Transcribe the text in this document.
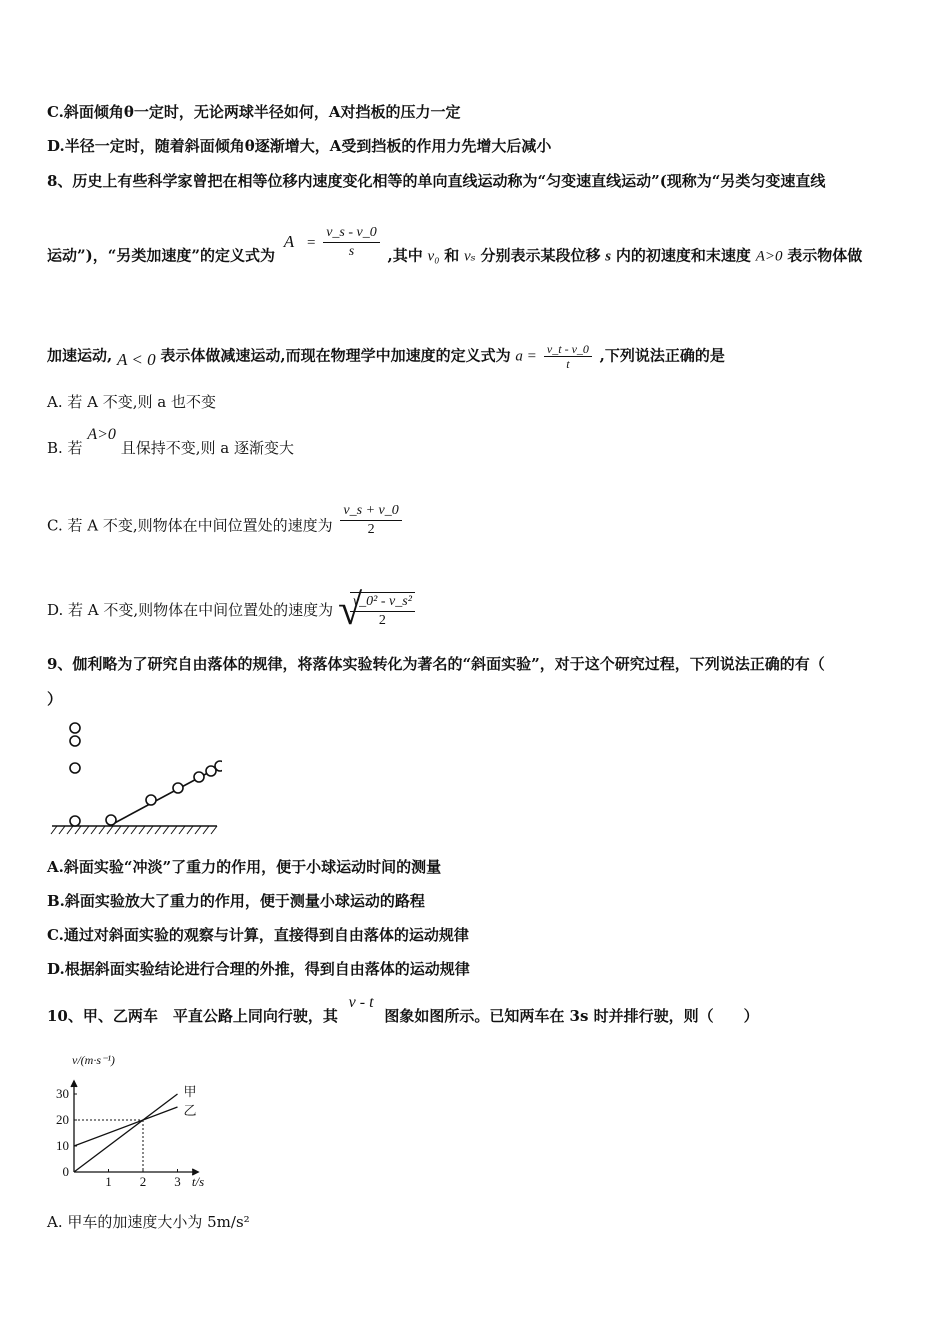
C.斜面倾角θ一定时，无论两球半径如何，A对挡板的压力一定
D.半径一定时，随着斜面倾角θ逐渐增大，A受到挡板的作用力先增大后减小
8、历史上有些科学家曾把在相等位移内速度变化相等的单向直线运动称为“匀变速直线运动”(现称为“另类匀变速直线
运动”)，“另类加速度”的定义式为 $A = \frac{v\_s - v\_0}{s}$ ,其中 v₀ 和 vₛ 分别表示某段位移 s 内的初速度和末速度 A>0 表示物体做
加速运动, A < 0 表示体做减速运动,而现在物理学中加速度的定义式为 $a = \frac{v\_t - v\_0}{t}$ ,下列说法正确的是
A. 若 A 不变,则 a 也不变
B. 若 A>0 且保持不变,则 a 逐渐变大
C. 若 A 不变,则物体在中间位置处的速度为 $\frac{v\_s + v\_0}{2}$
D. 若 A 不变,则物体在中间位置处的速度为 √
$\frac{\text{v\_0² - v\_s²}}{2}$
9、伽利略为了研究自由落体的规律，将落体实验转化为著名的“斜面实验”，对于这个研究过程，下列说法正确的有（
）
A.斜面实验“冲淡”了重力的作用，便于小球运动时间的测量
B.斜面实验放大了重力的作用，便于测量小球运动的路程
C.通过对斜面实验的观察与计算，直接得到自由落体的运动规律
D.根据斜面实验结论进行合理的外推，得到自由落体的运动规律
10、甲、乙两车　平直公路上同向行驶，其 v - t 图象如图所示。已知两车在 3s 时并排行驶，则（　　）
1 2 3
10
20
30
0
甲
乙
v/(m·s⁻¹)
t/s
A. 甲车的加速度大小为 5m/s²
